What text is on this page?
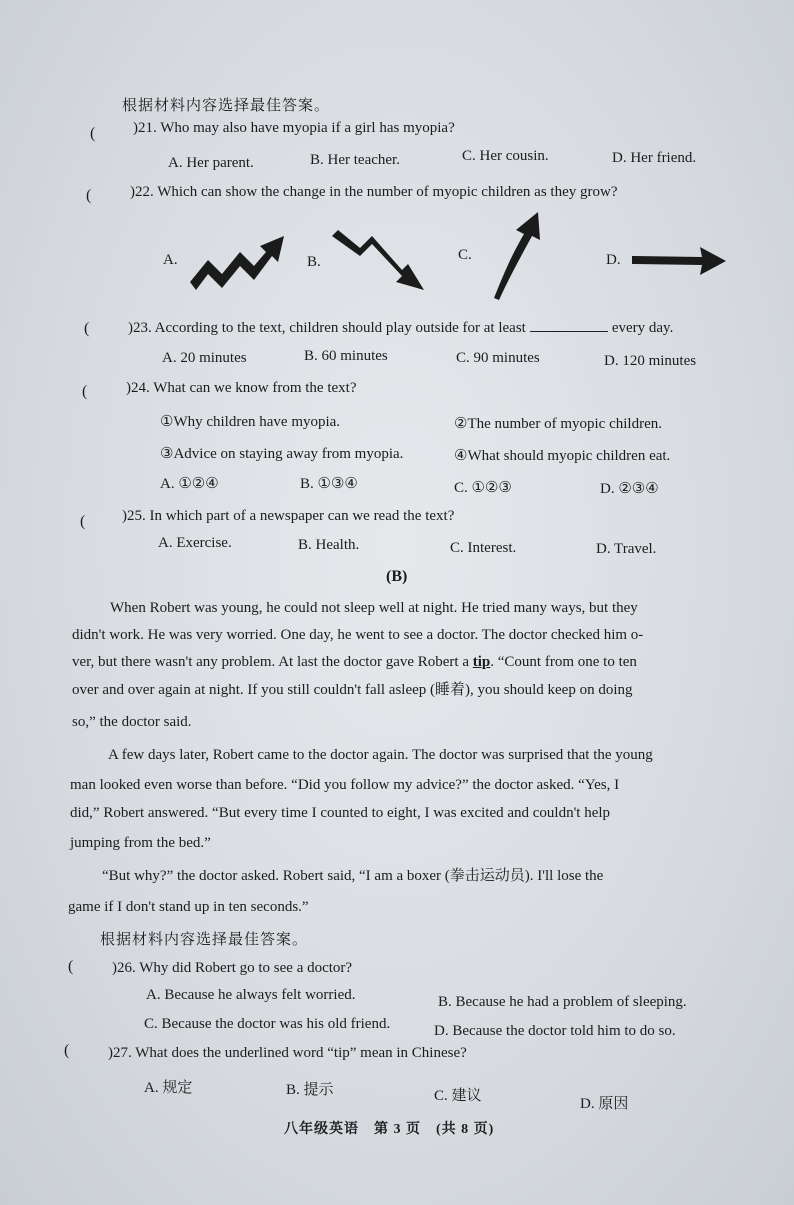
根据材料内容选择最佳答案。
(	)21. Who may also have myopia if a girl has myopia?
A. Her parent.	B. Her teacher.	C. Her cousin.	D. Her friend.
(	)22. Which can show the change in the number of myopic children as they grow?
A.	B.	C.	D.
(	)23. According to the text, children should play outside for at least	every day.
A. 20 minutes	B. 60 minutes	C. 90 minutes	D. 120 minutes
(	)24. What can we know from the text?
①Why children have myopia.	②The number of myopic children.
③Advice on staying away from myopia.	④What should myopic children eat.
A. ①②④	B. ①③④	C. ①②③	D. ②③④
( )25. In which part of a newspaper can we read the text?
A. Exercise.	B. Health.	C. Interest.	D. Travel.
(B)
When Robert was young, he could not sleep well at night. He tried many ways, but they
didn't work. He was very worried. One day, he went to see a doctor. The doctor checked him o-
ver, but there wasn't any problem. At last the doctor gave Robert a tip. “Count from one to ten
over and over again at night. If you still couldn't fall asleep (睡着), you should keep on doing
so,” the doctor said.
A few days later, Robert came to the doctor again. The doctor was surprised that the young
man looked even worse than before. “Did you follow my advice?” the doctor asked. “Yes, I
did,” Robert answered. “But every time I counted to eight, I was excited and couldn't help
jumping from the bed.”
“But why?” the doctor asked. Robert said, “I am a boxer (拳击运动员). I'll lose the
game if I don't stand up in ten seconds.”
根据材料内容选择最佳答案。
(	)26. Why did Robert go to see a doctor?
A. Because he always felt worried.	B. Because he had a problem of sleeping.
C. Because the doctor was his old friend.	D. Because the doctor told him to do so.
(	)27. What does the underlined word “tip” mean in Chinese?
A. 规定	B. 提示	C. 建议	D. 原因
八年级英语　第 3 页　(共 8 页)
